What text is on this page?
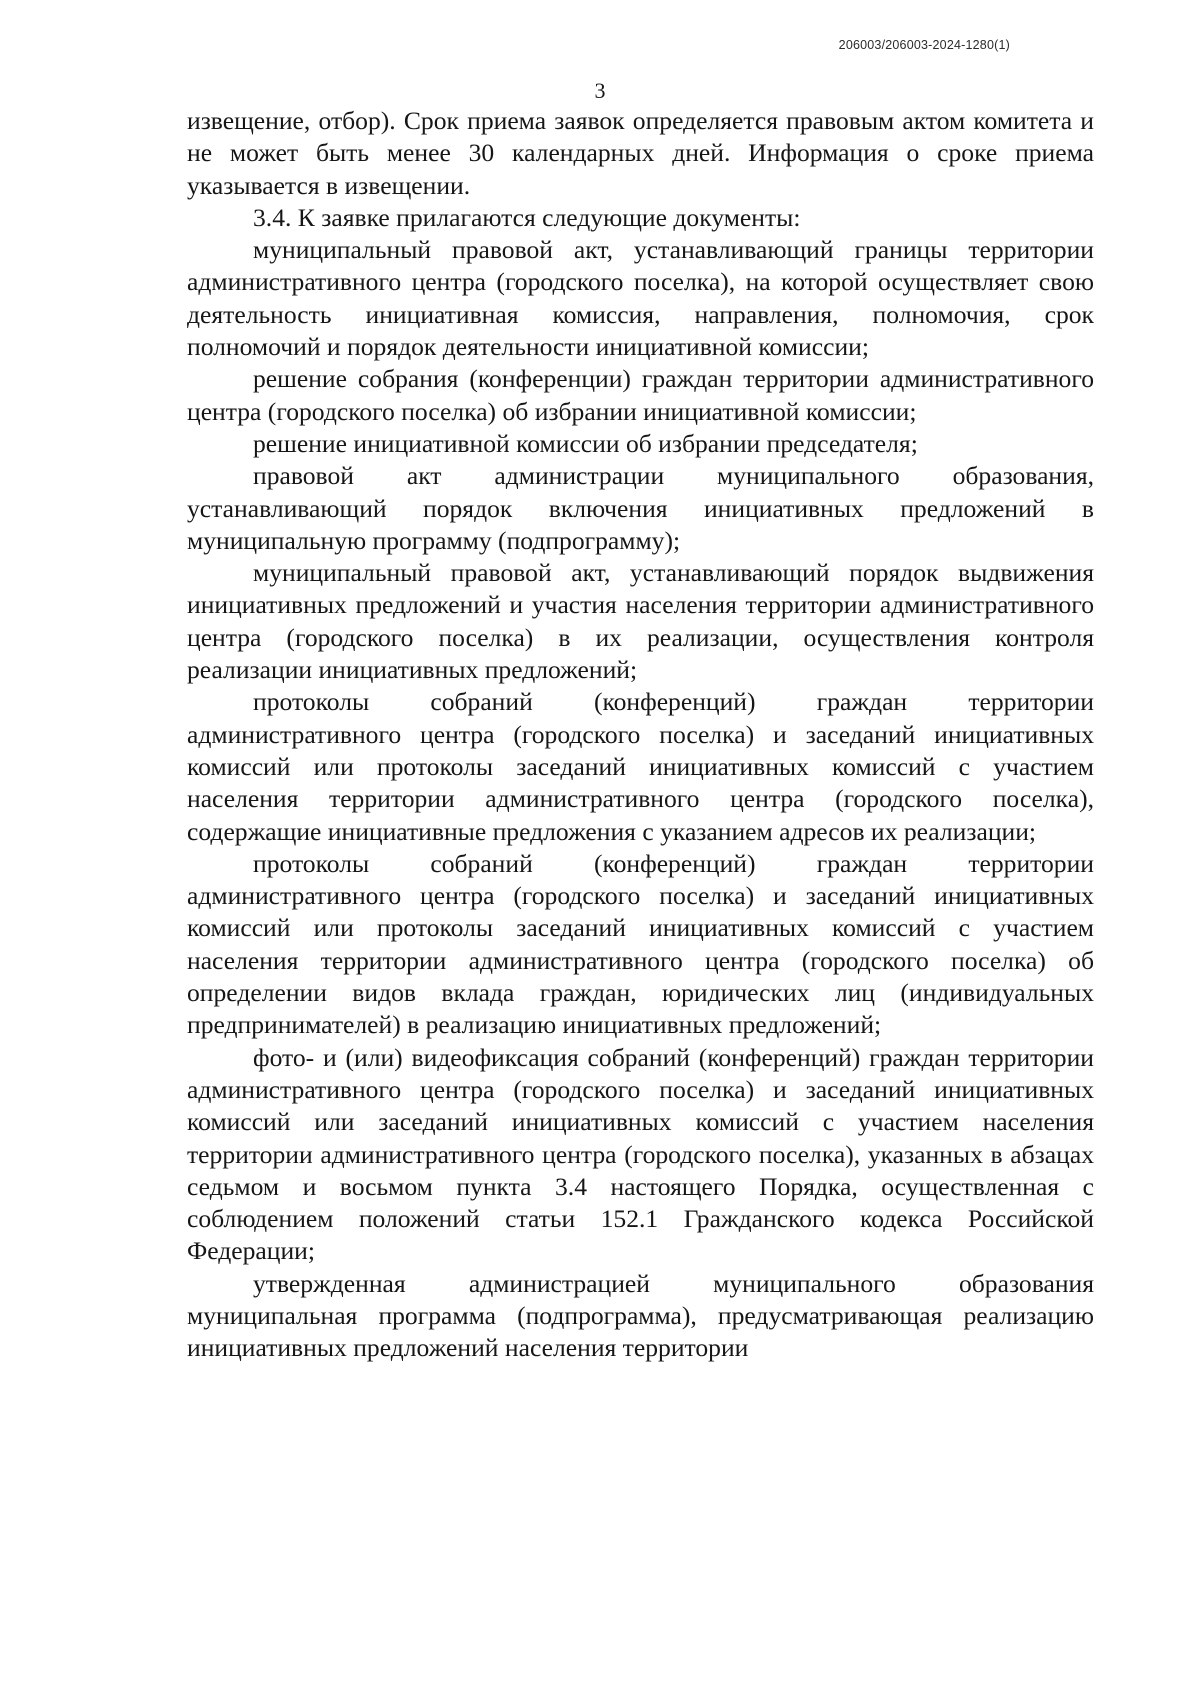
206003/206003-2024-1280(1)
3

извещение, отбор). Срок приема заявок определяется правовым актом комитета и не может быть менее 30 календарных дней. Информация о сроке приема указывается в извещении.

3.4. К заявке прилагаются следующие документы:

муниципальный правовой акт, устанавливающий границы территории административного центра (городского поселка), на которой осуществляет свою деятельность инициативная комиссия, направления, полномочия, срок полномочий и порядок деятельности инициативной комиссии;

решение собрания (конференции) граждан территории административного центра (городского поселка) об избрании инициативной комиссии;

решение инициативной комиссии об избрании председателя;

правовой акт администрации муниципального образования, устанавливающий порядок включения инициативных предложений в муниципальную программу (подпрограмму);

муниципальный правовой акт, устанавливающий порядок выдвижения инициативных предложений и участия населения территории административного центра (городского поселка) в их реализации, осуществления контроля реализации инициативных предложений;

протоколы собраний (конференций) граждан территории административного центра (городского поселка) и заседаний инициативных комиссий или протоколы заседаний инициативных комиссий с участием населения территории административного центра (городского поселка), содержащие инициативные предложения с указанием адресов их реализации;

протоколы собраний (конференций) граждан территории административного центра (городского поселка) и заседаний инициативных комиссий или протоколы заседаний инициативных комиссий с участием населения территории административного центра (городского поселка) об определении видов вклада граждан, юридических лиц (индивидуальных предпринимателей) в реализацию инициативных предложений;

фото- и (или) видеофиксация собраний (конференций) граждан территории административного центра (городского поселка) и заседаний инициативных комиссий или заседаний инициативных комиссий с участием населения территории административного центра (городского поселка), указанных в абзацах седьмом и восьмом пункта 3.4 настоящего Порядка, осуществленная с соблюдением положений статьи 152.1 Гражданского кодекса Российской Федерации;

утвержденная администрацией муниципального образования муниципальная программа (подпрограмма), предусматривающая реализацию инициативных предложений населения территории
